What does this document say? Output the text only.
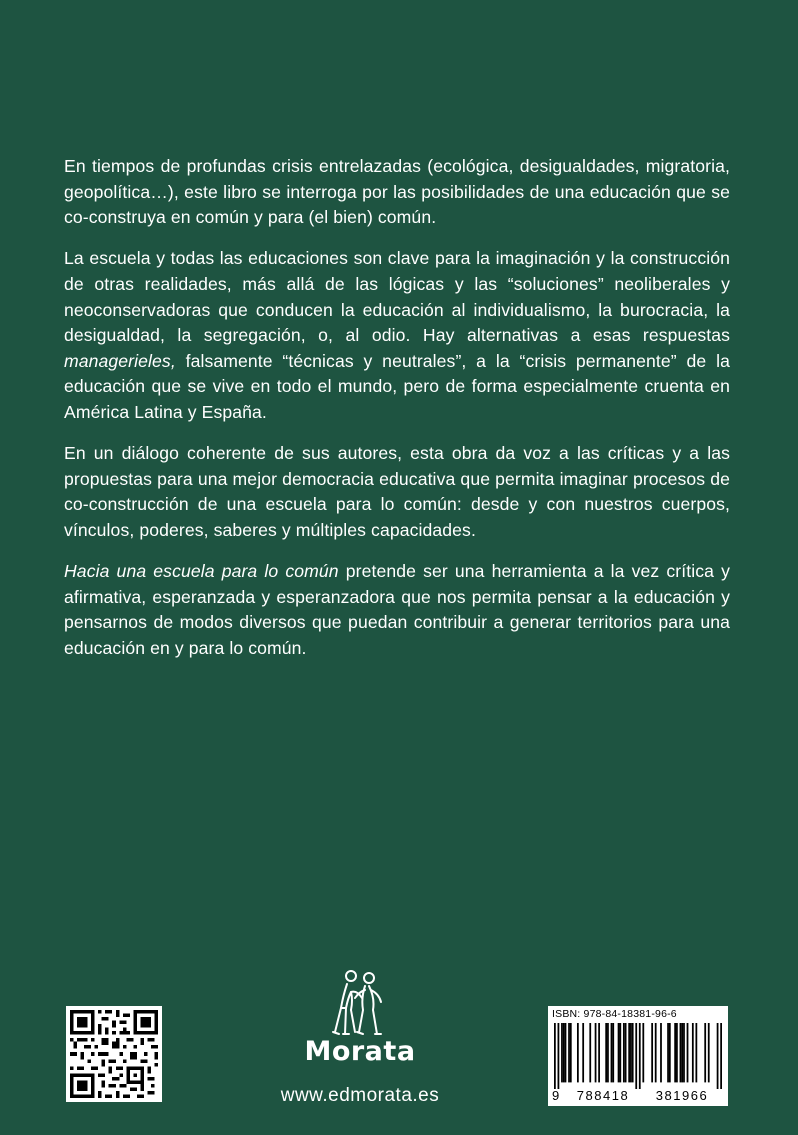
En tiempos de profundas crisis entrelazadas (ecológica, desigualdades, migratoria, geopolítica…), este libro se interroga por las posibilidades de una educación que se co-construya en común y para (el bien) común.

La escuela y todas las educaciones son clave para la imaginación y la construcción de otras realidades, más allá de las lógicas y las “soluciones” neoliberales y neoconservadoras que conducen la educación al individualismo, la burocracia, la desigualdad, la segregación, o, al odio. Hay alternativas a esas respuestas managerieles, falsamente “técnicas y neutrales”, a la “crisis permanente” de la educación que se vive en todo el mundo, pero de forma especialmente cruenta en América Latina y España.

En un diálogo coherente de sus autores, esta obra da voz a las críticas y a las propuestas para una mejor democracia educativa que permita imaginar procesos de co-construcción de una escuela para lo común: desde y con nuestros cuerpos, vínculos, poderes, saberes y múltiples capacidades.

Hacia una escuela para lo común pretende ser una herramienta a la vez crítica y afirmativa, esperanzada y esperanzadora que nos permita pensar a la educación y pensarnos de modos diversos que puedan contribuir a generar territorios para una educación en y para lo común.

Morata
www.edmorata.es
ISBN: 978-84-18381-96-6
9	788418	381966
